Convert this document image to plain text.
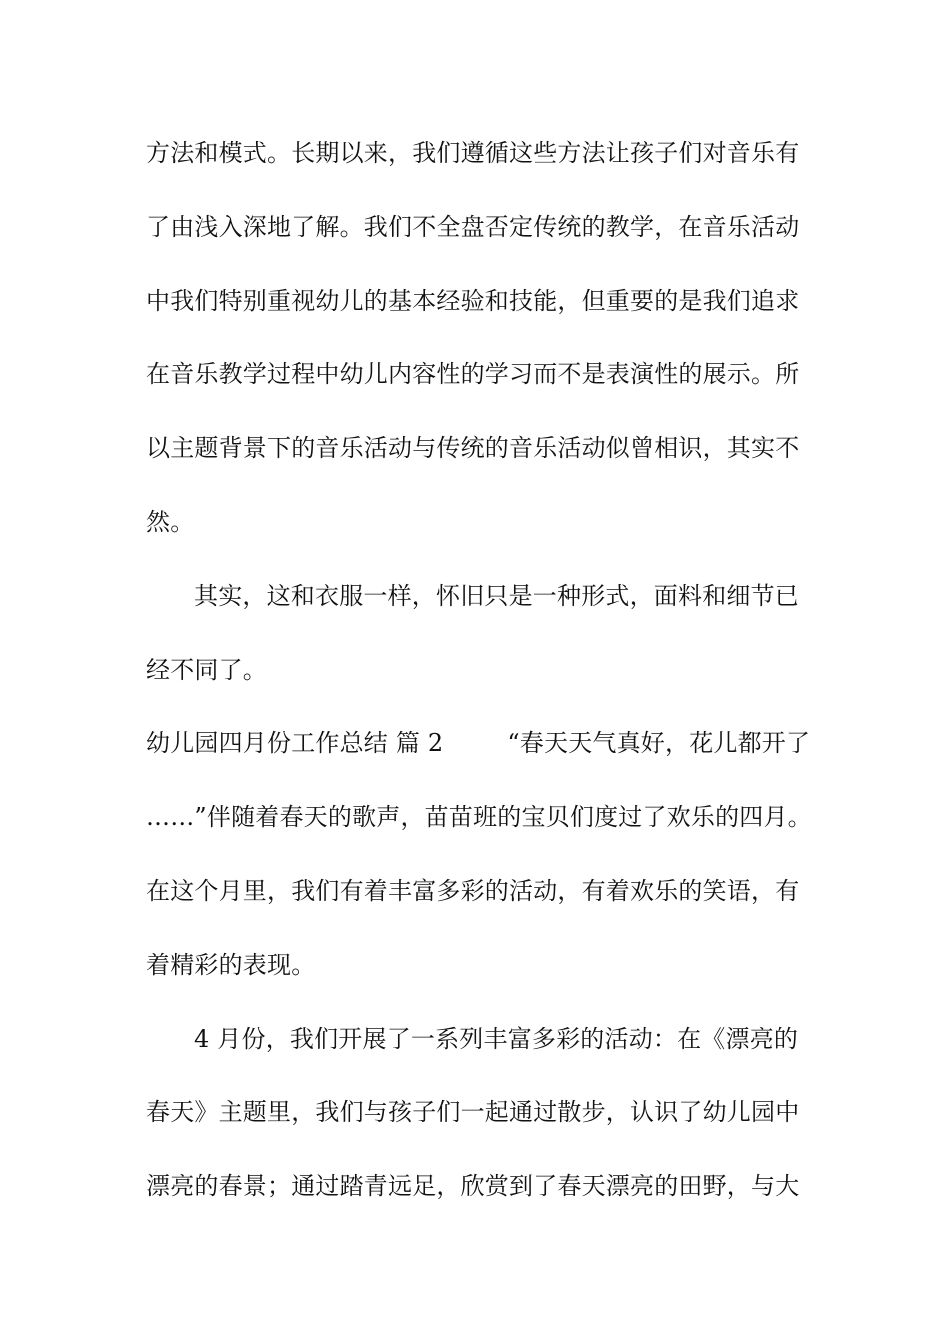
方法和模式。长期以来，我们遵循这些方法让孩子们对音乐有
了由浅入深地了解。我们不全盘否定传统的教学，在音乐活动
中我们特别重视幼儿的基本经验和技能，但重要的是我们追求
在音乐教学过程中幼儿内容性的学习而不是表演性的展示。所
以主题背景下的音乐活动与传统的音乐活动似曾相识，其实不
然。
其实，这和衣服一样，怀旧只是一种形式，面料和细节已
经不同了。
幼儿园四月份工作总结 篇 2	“春天天气真好，花儿都开了
……”伴随着春天的歌声，苗苗班的宝贝们度过了欢乐的四月。
在这个月里，我们有着丰富多彩的活动，有着欢乐的笑语，有
着精彩的表现。
4 月份，我们开展了一系列丰富多彩的活动：在《漂亮的
春天》主题里，我们与孩子们一起通过散步，认识了幼儿园中
漂亮的春景；通过踏青远足，欣赏到了春天漂亮的田野，与大
